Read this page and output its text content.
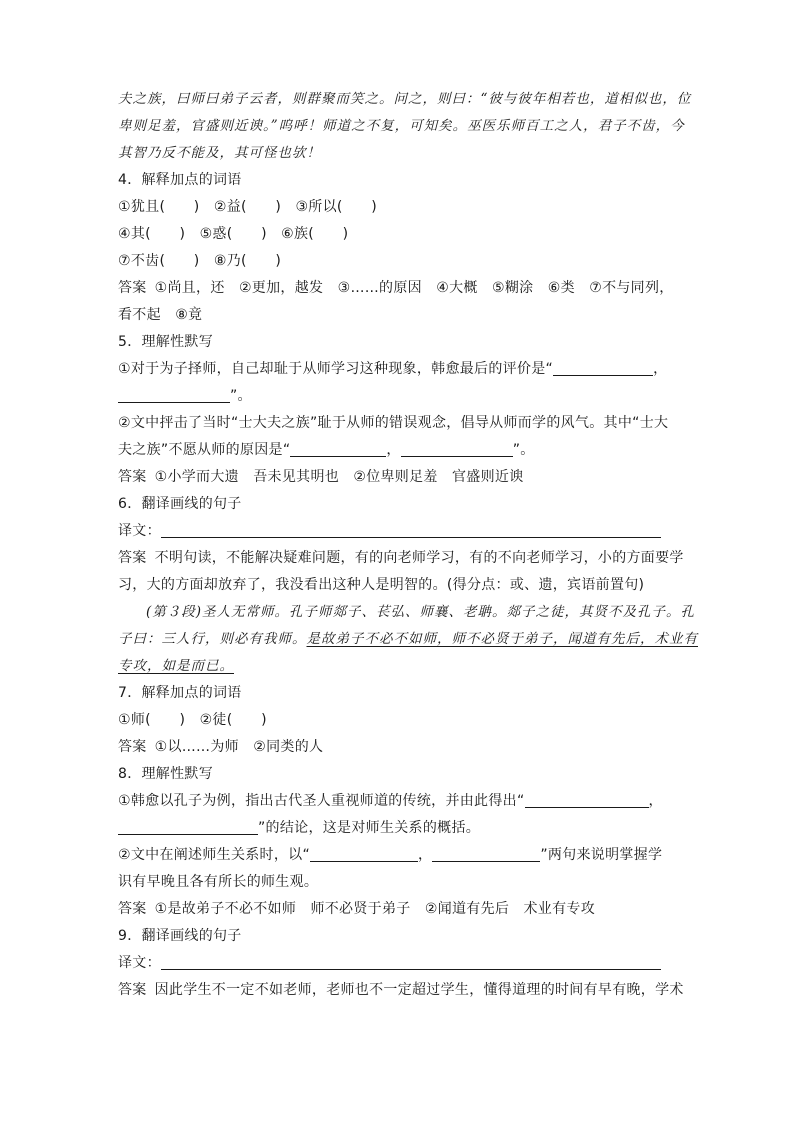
夫之族，曰师曰弟子云者，则群聚而笑之。问之，则曰：“彼与彼年相若也，道相似也，位
卑则足羞，官盛则近谀。”呜呼！师道之不复，可知矣。巫医乐师百工之人，君子不齿，今
其智乃反不能及，其可怪也欤！
4．解释加点的词语
①犹且(　　)　②益(　　)　③所以(　　)
④其(　　)　⑤惑(　　)　⑥族(　　)
⑦不齿(　　)　⑧乃(　　)
答案 ①尚且，还　②更加，越发　③……的原因　④大概　⑤糊涂　⑥类　⑦不与同列，
看不起　⑧竟
5．理解性默写
①对于为子择师，自己却耻于从师学习这种现象，韩愈最后的评价是“	，
”。
②文中抨击了当时“士大夫之族”耻于从师的错误观念，倡导从师而学的风气。其中“士大
夫之族”不愿从师的原因是“	，	”。
答案 ①小学而大遗　吾未见其明也　②位卑则足羞　官盛则近谀
6．翻译画线的句子
译文：
答案 不明句读，不能解决疑难问题，有的向老师学习，有的不向老师学习，小的方面要学
习，大的方面却放弃了，我没看出这种人是明智的。(得分点：或、遗，宾语前置句)
(第３段)圣人无常师。孔子师郯子、苌弘、师襄、老聃。郯子之徒，其贤不及孔子。孔
子曰：三人行，则必有我师。是故弟子不必不如师，师不必贤于弟子，闻道有先后，术业有
专攻，如是而已。
7．解释加点的词语
①师(　　)　②徒(　　)
答案 ①以……为师　②同类的人
8．理解性默写
①韩愈以孔子为例，指出古代圣人重视师道的传统，并由此得出“	，
”的结论，这是对师生关系的概括。
②文中在阐述师生关系时，以“	，	”两句来说明掌握学
识有早晚且各有所长的师生观。
答案 ①是故弟子不必不如师　师不必贤于弟子　②闻道有先后　术业有专攻
9．翻译画线的句子
译文：
答案 因此学生不一定不如老师，老师也不一定超过学生，懂得道理的时间有早有晚，学术
